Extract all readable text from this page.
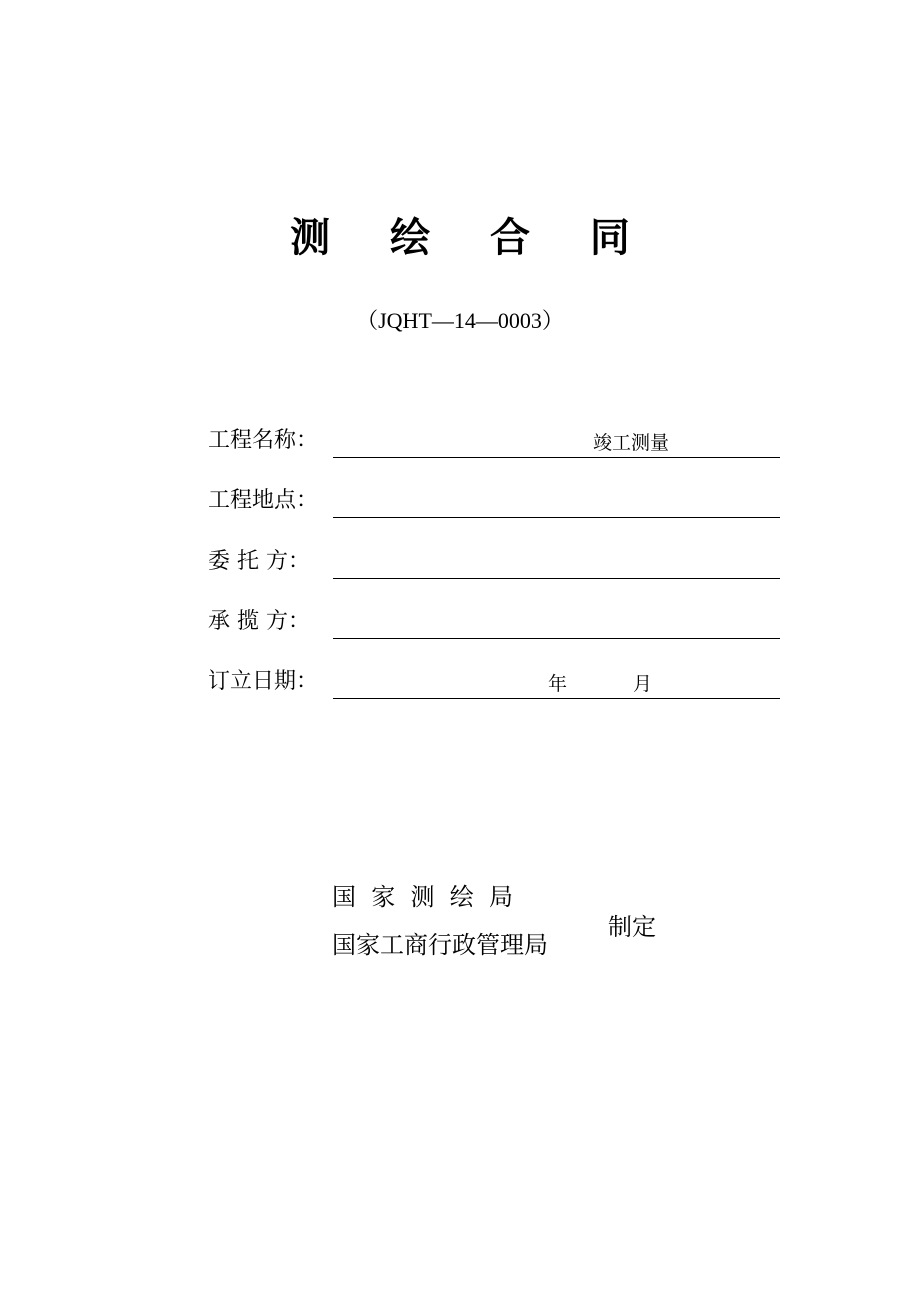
测 绘 合 同
（JQHT—14—0003）
工程名称：	竣工测量
工程地点：
委 托 方：
承 揽 方：
订立日期：	年	月
国  家  测  绘  局
国家工商行政管理局
制定
